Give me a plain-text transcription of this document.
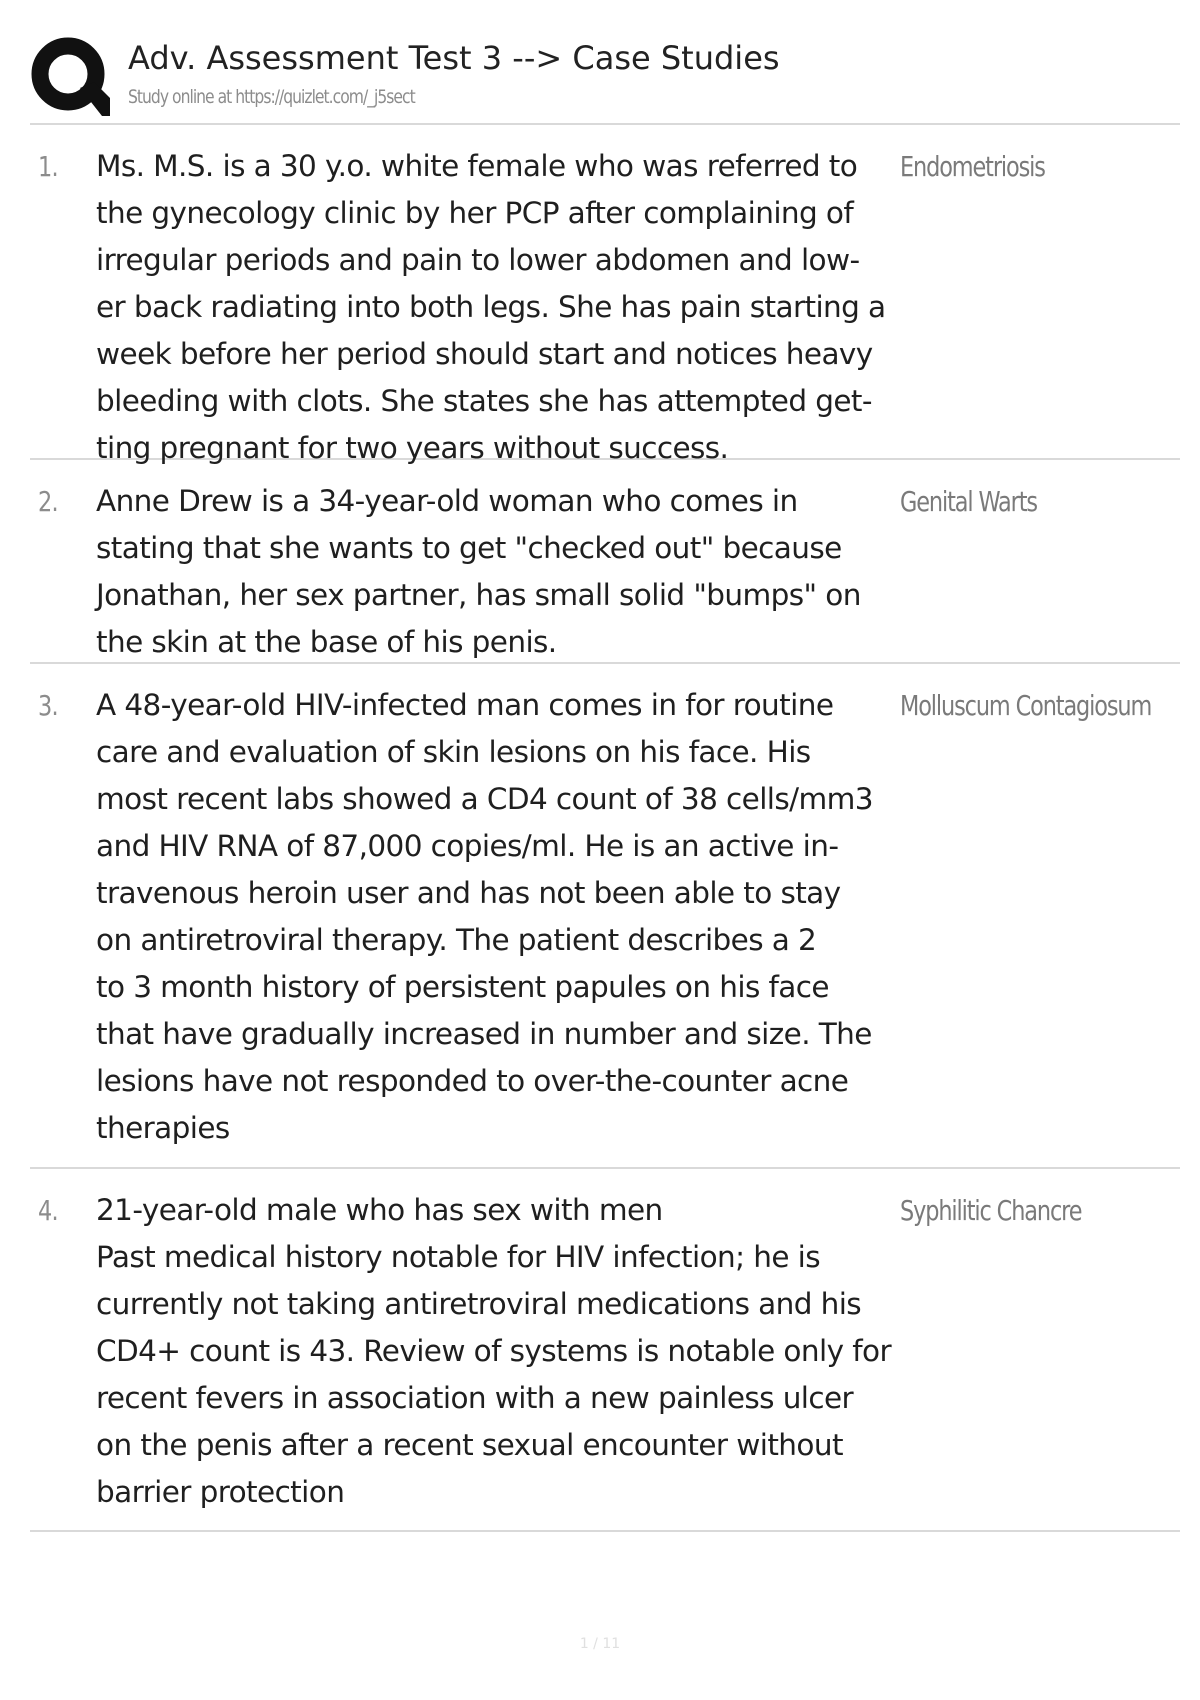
Adv. Assessment Test 3 --> Case Studies
Study online at https://quizlet.com/_j5sect
1. Ms. M.S. is a 30 y.o. white female who was referred to
the gynecology clinic by her PCP after complaining of
irregular periods and pain to lower abdomen and low-
er back radiating into both legs. She has pain starting a
week before her period should start and notices heavy
bleeding with clots. She states she has attempted get-
ting pregnant for two years without success.

Endometriosis
2. Anne Drew is a 34-year-old woman who comes in
stating that she wants to get "checked out" because
Jonathan, her sex partner, has small solid "bumps" on
the skin at the base of his penis.

Genital Warts
3. A 48-year-old HIV-infected man comes in for routine
care and evaluation of skin lesions on his face. His
most recent labs showed a CD4 count of 38 cells/mm3
and HIV RNA of 87,000 copies/ml. He is an active in-
travenous heroin user and has not been able to stay
on antiretroviral therapy. The patient describes a 2
to 3 month history of persistent papules on his face
that have gradually increased in number and size. The
lesions have not responded to over-the-counter acne
therapies

Molluscum Contagiosum
4. 21-year-old male who has sex with men
Past medical history notable for HIV infection; he is
currently not taking antiretroviral medications and his
CD4+ count is 43. Review of systems is notable only for
recent fevers in association with a new painless ulcer
on the penis after a recent sexual encounter without
barrier protection

Syphilitic Chancre
1 / 11
